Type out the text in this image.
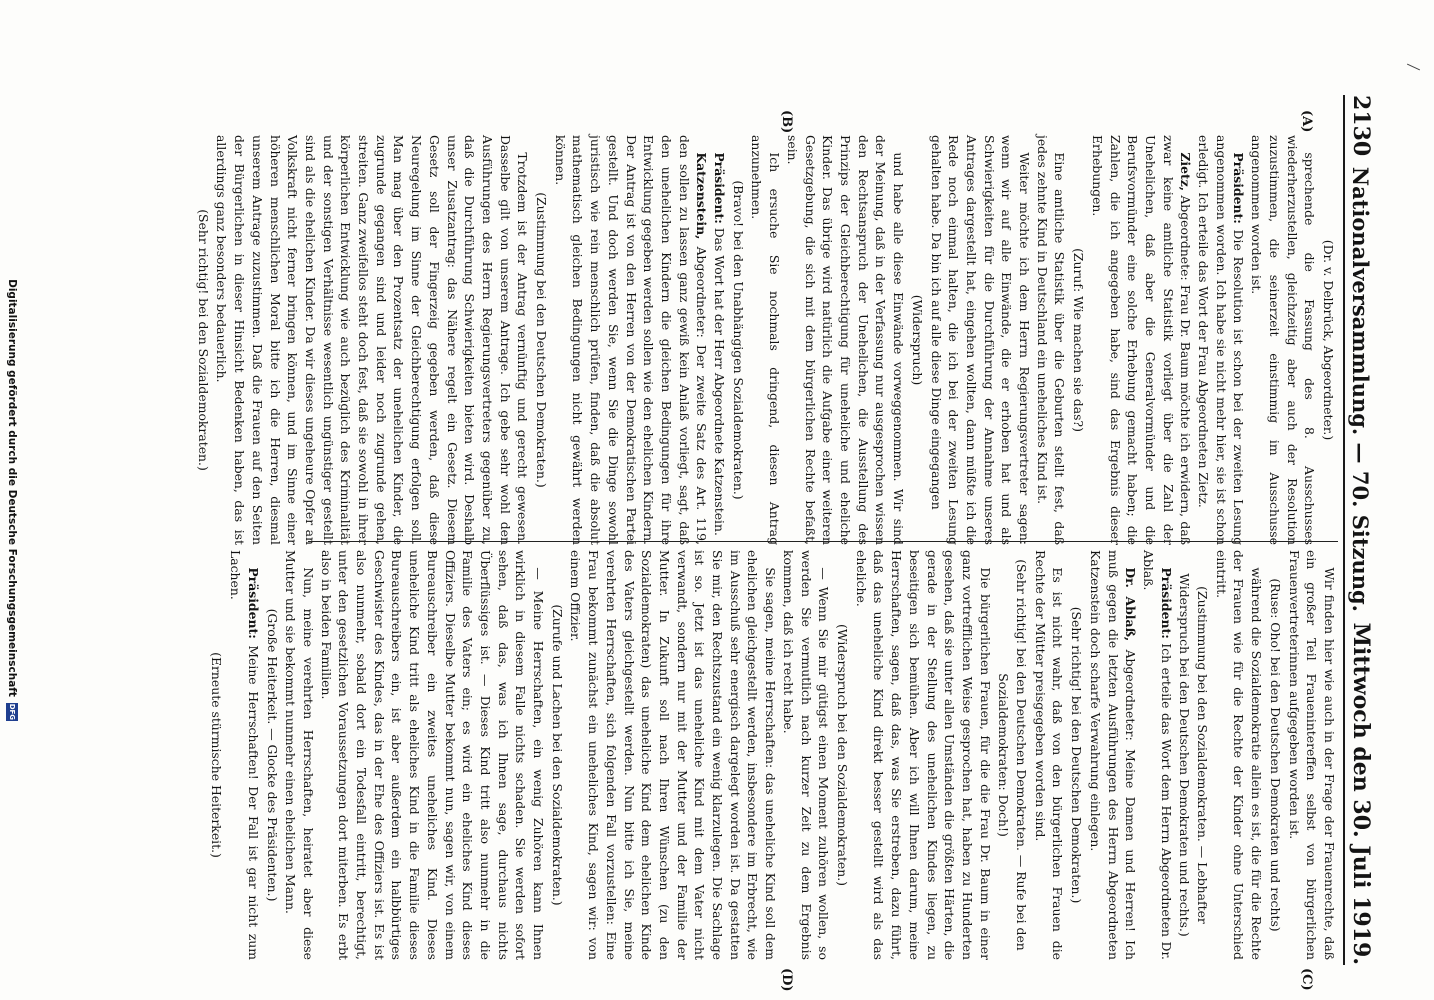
2130
Nationalversammlung. — 70. Sitzung.
Mittwoch den 30. Juli 1919.
(A)
(B)
(C)
(D)

(Dr. v. Delbrück, Abgeordneter.)

sprechende die Fassung des 8. Ausschusses wiederherzustellen, gleichzeitig aber auch der Resolution zuzustimmen, die seinerzeit einstimmig im Ausschusse angenommen worden ist.

Präsident: Die Resolution ist schon bei der zweiten Lesung angenommen worden. Ich habe sie nicht mehr hier, sie ist schon erledigt. Ich erteile das Wort der Frau Abgeordneten Zietz.

Zietz, Abgeordnete: Frau Dr. Baum möchte ich erwidern, daß zwar keine amtliche Statistik vorliegt über die Zahl der Unehelichen, daß aber die Generalvormünder und die Berufsvormünder eine solche Erhebung gemacht haben; die Zahlen, die ich angegeben habe, sind das Ergebnis dieser Erhebungen.

(Zuruf: Wie machen sie das?)

Eine amtliche Statistik über die Geburten stellt fest, daß jedes zehnte Kind in Deutschland ein uneheliches Kind ist.

Weiter möchte ich dem Herrn Regierungsvertreter sagen: wenn wir auf alle Einwände, die er erhoben hat und als Schwierigkeiten für die Durchführung der Annahme unseres Antrages dargestellt hat, eingehen wollten, dann müßte ich die Rede noch einmal halten, die ich bei der zweiten Lesung gehalten habe. Da bin ich auf alle diese Dinge eingegangen

(Widerspruch)

und habe alle diese Einwände vorweggenommen. Wir sind der Meinung, daß in der Verfassung nur ausgesprochen wissen den Rechtsanspruch der Unehelichen, die Ausstellung des Prinzips der Gleichberechtigung für uneheliche und eheliche Kinder. Das übrige wird natürlich die Aufgabe einer weiteren Gesetzgebung, die sich mit dem bürgerlichen Rechte befaßt, sein.

Ich ersuche Sie nochmals dringend, diesen Antrag anzunehmen.

(Bravo! bei den Unabhängigen Sozialdemokraten.)

Präsident: Das Wort hat der Herr Abgeordnete Katzenstein.

Katzenstein, Abgeordneter: Der zweite Satz des Art. 119, den sollen zu lassen ganz gewiß kein Anlaß vorliegt, sagt, daß den unehelichen Kindern die gleichen Bedingungen für ihre Entwicklung gegeben werden sollen wie den ehelichen Kindern. Der Antrag ist von den Herren von der Demokratischen Partei gestellt. Und doch werden Sie, wenn Sie die Dinge sowohl juristisch wie rein menschlich prüfen, finden, daß die absolut mathematisch gleichen Bedingungen nicht gewährt werden können.

(Zustimmung bei den Deutschen Demokraten.)

Trotzdem ist der Antrag vernünftig und gerecht gewesen. Dasselbe gilt von unserem Antrage. Ich gebe sehr wohl den Ausführungen des Herrn Regierungsvertreters gegenüber zu, daß die Durchführung Schwierigkeiten bieten wird. Deshalb unser Zusatzantrag: das Nähere regelt ein Gesetz. Diesem Gesetz soll der Fingerzeig gegeben werden, daß diese Neuregelung im Sinne der Gleichberechtigung erfolgen soll. Man mag über den Prozentsatz der unehelichen Kinder, die zugrunde gegangen sind und leider noch zugrunde gehen, streiten. Ganz zweifellos steht doch fest, daß sie sowohl in ihrer körperlichen Entwicklung wie auch bezüglich des Kriminalität und der sonstigen Verhältnisse wesentlich ungünstiger gestellt sind als die ehelichen Kinder. Da wir dieses ungeheure Opfer an Volkskraft nicht ferner bringen können, und im Sinne einer höheren menschlichen Moral bitte ich die Herren, diesmal unserem Antrage zuzustimmen. Daß die Frauen auf den Seiten der Bürgerlichen in dieser Hinsicht Bedenken haben, das ist allerdings ganz besonders bedauerlich.

(Sehr richtig! bei den Sozialdemokraten.)

Wir finden hier wie auch in der Frage der Frauenrechte, daß ein großer Teil Frauenintereffen selbst von bürgerlichen Frauenvertreterinnen aufgegeben worden ist.

(Ruse: Oho! bei den Deutschen Demokraten und rechts)

während die Sozialdemokratie allein es ist, die für die Rechte der Frauen wie für die Rechte der Kinder ohne Unterschied eintritt.

(Zustimmung bei den Sozialdemokraten. — Lebhafter Widerspruch bei den Deutschen Demokraten und rechts.)

Präsident: Ich erteile das Wort dem Herrn Abgeordneten Dr. Ablaß.

Dr. Ablaß, Abgeordneter: Meine Damen und Herren! Ich muß gegen die letzten Ausführungen des Herrn Abgeordneten Katzenstein doch scharfe Verwahrung einlegen.

(Sehr richtig! bei den Deutschen Demokraten.)

Es ist nicht wahr, daß von den bürgerlichen Frauen die Rechte der Mütter preisgegeben worden sind.

(Sehr richtig! bei den Deutschen Demokraten. — Rufe bei den Sozialdemokraten: Doch!)

Die bürgerlichen Frauen, für die die Frau Dr. Baum in einer ganz vortrefflichen Weise gesprochen hat, haben zu Hunderten gesehen, daß sie unter allen Umständen die größten Härten, die gerade in der Stellung des unehelichen Kindes liegen, zu beseitigen sich bemühen. Aber ich will Ihnen darum, meine Herrschaften, sagen, daß das, was Sie erstreben, dazu führt, daß das uneheliche Kind direkt besser gestellt wird als das eheliche.

(Widerspruch bei den Sozialdemokraten.)

— Wenn Sie mir gütigst einen Moment zuhören wollen, so werden Sie vermutlich nach kurzer Zeit zu dem Ergebnis kommen, daß ich recht habe.

Sie sagen, meine Herrschaften: das uneheliche Kind soll dem ehelichen gleichgestellt werden, insbesondere im Erbrecht, wie im Ausschuß sehr energisch dargelegt worden ist. Da gestatten Sie mir, den Rechtszustand ein wenig klarzulegen. Die Sachlage ist so. Jetzt ist das uneheliche Kind mit dem Vater nicht verwandt, sondern nur mit der Mutter und der Familie der Mutter. In Zukunft soll nach Ihren Wünschen (zu den Sozialdemokraten) das uneheliche Kind dem ehelichen Kinde des Vaters gleichgestellt werden. Nun bitte ich Sie, meine verehrten Herrschaften, sich folgenden Fall vorzustellen: Eine Frau bekommt zunächst ein uneheliches Kind, sagen wir: von einem Offizier.

(Zurufe und Lachen bei den Sozialdemokraten.)

— Meine Herrschaften, ein wenig Zuhören kann Ihnen wirklich in diesem Falle nichts schaden. Sie werden sofort sehen, daß das, was ich Ihnen sage, durchaus nichts Überflüssiges ist. — Dieses Kind tritt also nunmehr in die Familie des Vaters ein; es wird ein eheliches Kind dieses Offiziers. Dieselbe Mutter bekommt nun, sagen wir, von einem Bureauschreiber ein zweites uneheliches Kind. Dieses uneheliche Kind tritt als eheliches Kind in die Familie dieses Bureauschreibers ein, ist aber außerdem ein halbbürtiges Geschwister des Kindes, das in der Ehe des Offiziers ist. Es ist also nunmehr, sobald dort ein Todesfall eintritt, berechtigt, unter den gesetzlichen Voraussetzungen dort miterben. Es erbt also in beiden Familien.

Nun, meine verehrten Herrschaften, heiratet aber diese Mutter und sie bekommt nunmehr einen ehelichen Mann.

(Große Heiterkeit. — Glocke des Präsidenten.)

Präsident: Meine Herrschaften! Der Fall ist gar nicht zum Lachen.

(Erneute stürmische Heiterkeit.)

Digitalisierung gefördert durch die Deutsche Forschungsgemeinschaft
DFG
